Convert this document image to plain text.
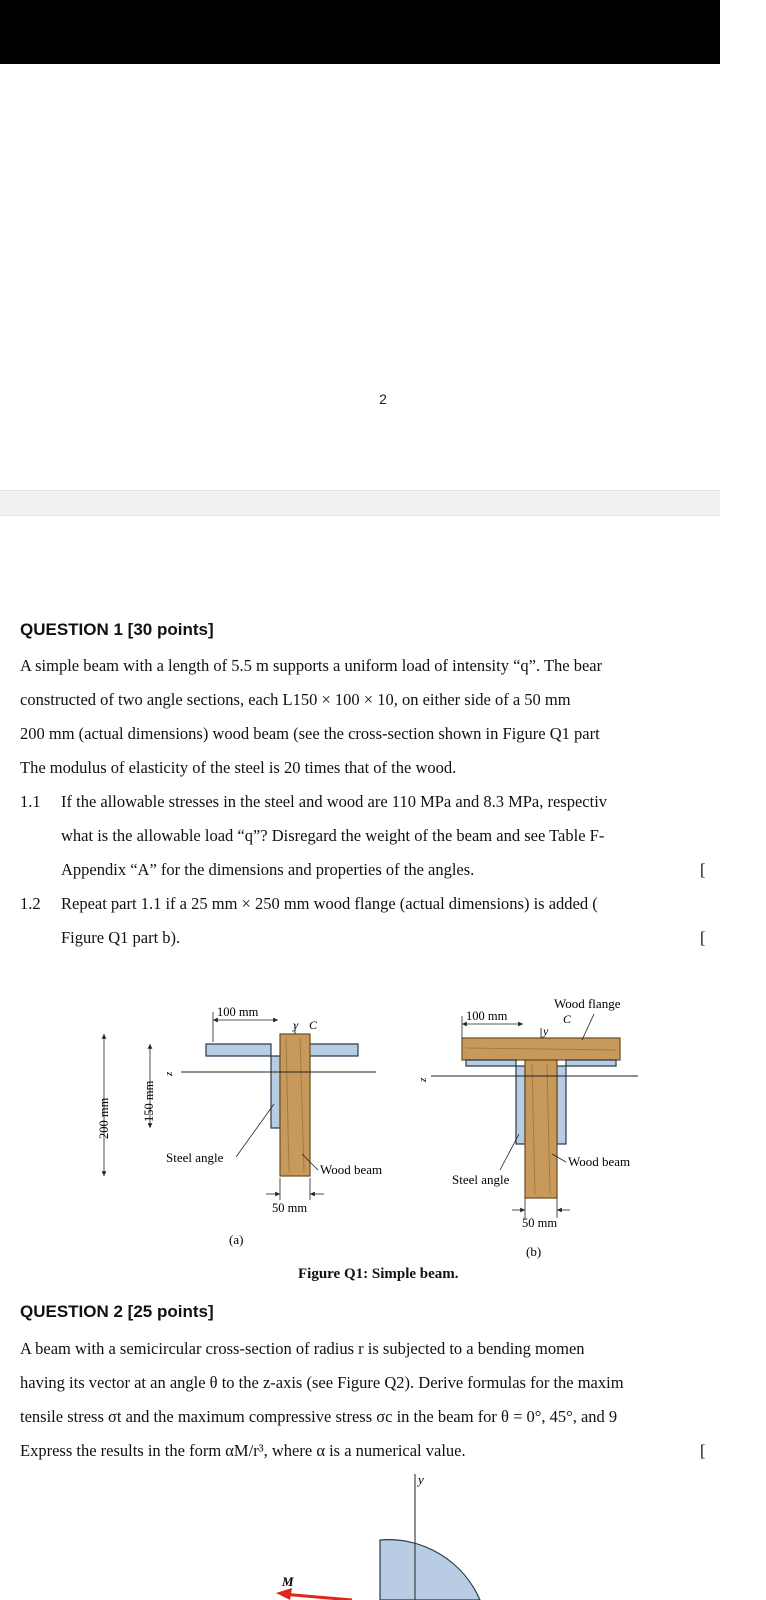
2
QUESTION 1 [30 points]
A simple beam with a length of 5.5 m supports a uniform load of intensity “q”. The bear
constructed of two angle sections, each L150 × 100 × 10, on either side of a 50 mm
200 mm (actual dimensions) wood beam (see the cross-section shown in Figure Q1 part
The modulus of elasticity of the steel is 20 times that of the wood.
1.1 If the allowable stresses in the steel and wood are 110 MPa and 8.3 MPa, respectiv
what is the allowable load “q”? Disregard the weight of the beam and see Table F-
Appendix “A” for the dimensions and properties of the angles.	[
1.2 Repeat part 1.1 if a 25 mm × 250 mm wood flange (actual dimensions) is added (
Figure Q1 part b).	[
z
y C
100 mm
200 mm 150 mm
Steel angle
Wood beam
50 mm
(a)
z
y
C
Wood flange
100 mm
Steel angle
Wood beam
50 mm
(b)
Figure Q1: Simple beam.
QUESTION 2 [25 points]
A beam with a semicircular cross-section of radius r is subjected to a bending momen
having its vector at an angle θ to the z-axis (see Figure Q2). Derive formulas for the maxim
tensile stress σt and the maximum compressive stress σc in the beam for θ = 0°, 45°, and 9
Express the results in the form αM/r³, where α is a numerical value.	[
y
M
